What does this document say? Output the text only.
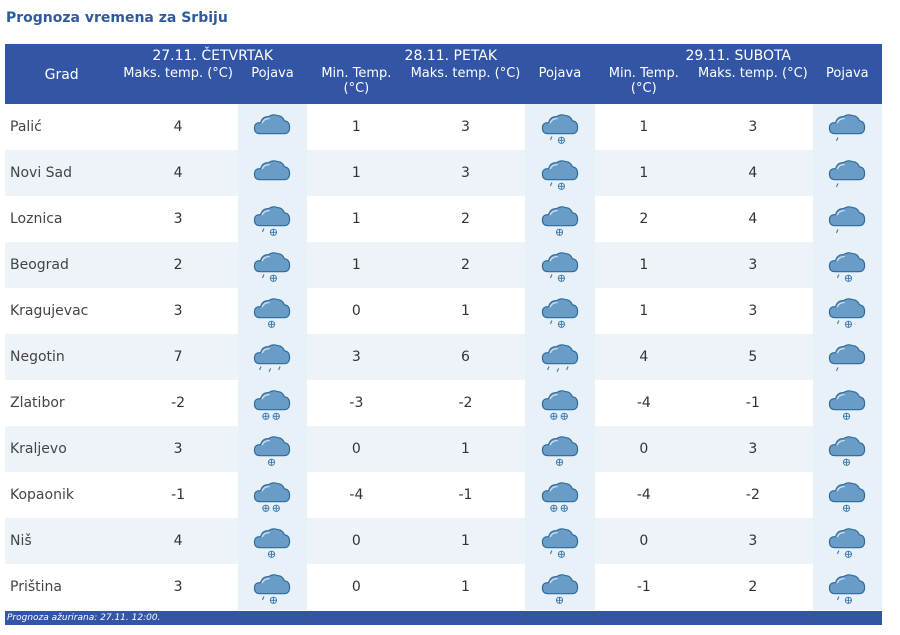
Prognoza vremena za Srbiju
Grad	27.11. ČETVRTAK		28.11. PETAK			29.11. SUBOTA		
	Maks. temp. (°C)	Pojava	Min. Temp. (°C)	Maks. temp. (°C)	Pojava	Min. Temp. (°C)	Maks. temp. (°C)	Pojava
Palić	4		1	3		1	3	

Novi Sad	4		1	3		1	4	

Loznica	3		1	2		2	4	

Beograd	2		1	2		1	3	

Kragujevac	3		0	1		1	3	

Negotin	7		3	6		4	5	

Zlatibor	-2		-3	-2		-4	-1	

Kraljevo	3		0	1		0	3	

Kopaonik	-1		-4	-1		-4	-2	

Niš	4		0	1		0	3	

Priština	3		0	1		-1	2	
Prognoza ažurirana: 27.11. 12:00.
